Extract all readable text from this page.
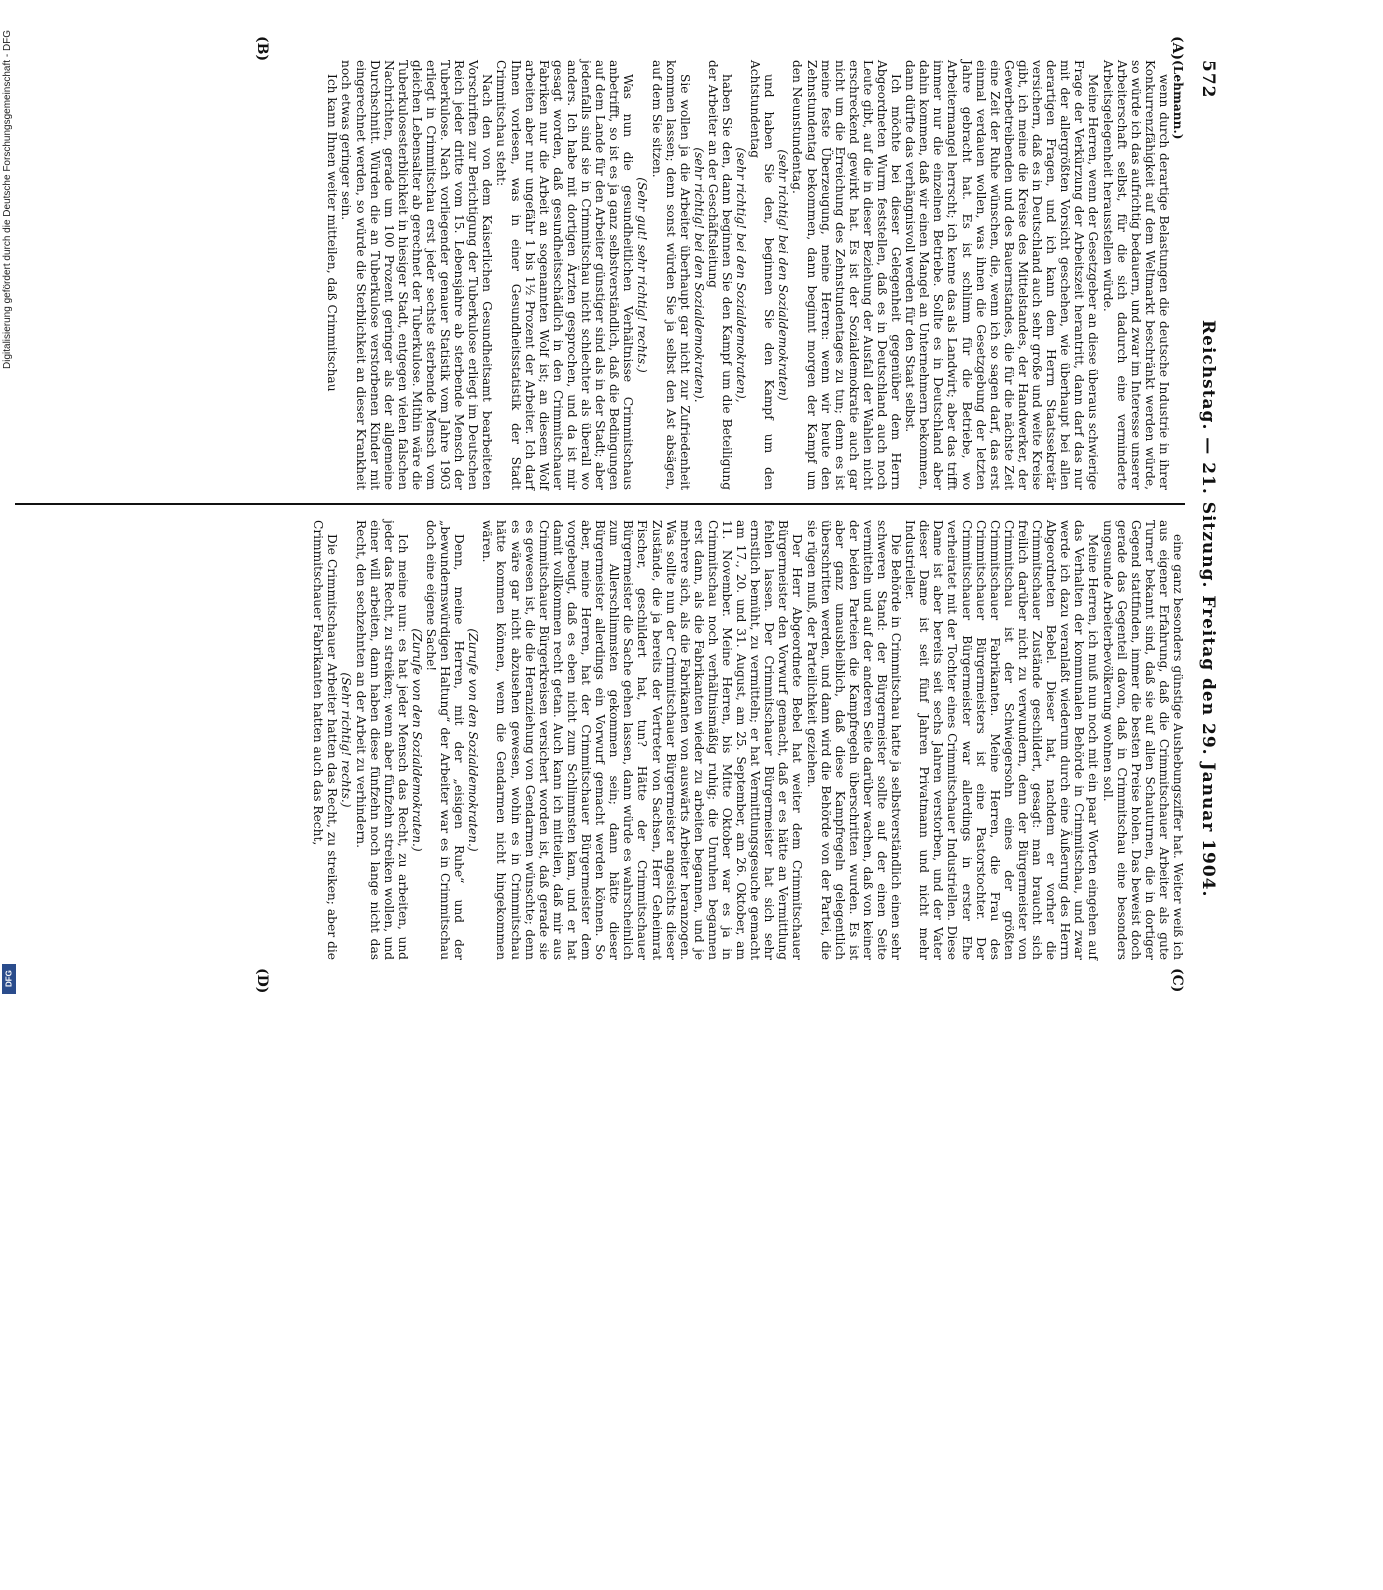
572
Reichstag. — 21. Sitzung. Freitag den 29. Januar 1904.
(A)
(B)
(C)
(D)

(Lehmann.)

wenn durch derartige Belastungen die deutsche Industrie in ihrer Konkurrenzfähigkeit auf dem Weltmarkt beschränkt werden würde, so würde ich das aufrichtig bedauern, und zwar im Interesse unserer Arbeiterschaft selbst, für die sich dadurch eine verminderte Arbeitsgelegenheit herausstellen würde.

Meine Herren, wenn der Gesetzgeber an diese überaus schwierige Frage der Verkürzung der Arbeitszeit herantritt, dann darf das nur mit der allergrößten Vorsicht geschehen, wie überhaupt bei allen derartigen Fragen, und ich kann dem Herrn Staatssekretär versichern, daß es in Deutschland auch sehr große und weite Kreise gibt, ich meine die Kreise des Mittelstandes, der Handwerker, der Gewerbetreibenden und des Bauernstandes, die für die nächste Zeit eine Zeit der Ruhe wünschen, die, wenn ich so sagen darf, das erst einmal verdauen wollen, was ihnen die Gesetzgebung der letzten Jahre gebracht hat. Es ist schlimm für die Betriebe, wo Arbeitermangel herrscht; ich kenne das als Landwirt; aber das trifft immer nur die einzelnen Betriebe. Sollte es in Deutschland aber dahin kommen, daß wir einen Mangel an Unternehmern bekommen, dann dürfte das verhängnisvoll werden für den Staat selbst.

Ich möchte bei dieser Gelegenheit gegenüber dem Herrn Abgeordneten Wurm feststellen, daß es in Deutschland auch noch Leute gibt, auf die in dieser Beziehung der Ausfall der Wahlen nicht erschreckend gewirkt hat. Es ist der Sozialdemokratie auch gar nicht um die Erreichung des Zehnstundentages zu tun; denn es ist meine feste Überzeugung, meine Herren: wenn wir heute den Zehnstundentag bekommen, dann beginnt morgen der Kampf um den Neunstundentag.

(sehr richtig! bei den Sozialdemokraten)

und haben Sie den, beginnen Sie den Kampf um den Achtstundentag

(sehr richtig! bei den Sozialdemokraten),

haben Sie den, dann beginnen Sie den Kampf um die Beteiligung der Arbeiter an der Geschäftsleitung

(sehr richtig! bei den Sozialdemokraten).

Sie wollen ja die Arbeiter überhaupt gar nicht zur Zufriedenheit kommen lassen; denn sonst würden Sie ja selbst den Ast absägen, auf dem Sie sitzen.

(Sehr gut! sehr richtig! rechts.)

Was nun die gesundheitlichen Verhältnisse Crimmitschaus anbetrifft, so ist es ja ganz selbstverständlich, daß die Bedingungen auf dem Lande für den Arbeiter günstiger sind als in der Stadt; aber jedenfalls sind sie in Crimmitschau nicht schlechter als überall wo anders. Ich habe mit dortigen Ärzten gesprochen, und da ist mir gesagt worden, daß gesundheitsschädlich in den Crimmitschauer Fabriken nur die Arbeit an sogenannten Wolf ist; an diesem Wolf arbeiten aber nur ungefähr 1 bis 1½ Prozent der Arbeiter. Ich darf Ihnen vorlesen, was in einer Gesundheitsstatistik der Stadt Crimmitschau steht:

Nach den von dem Kaiserlichen Gesundheitsamt bearbeiteten Vorschriften zur Berichtigung der Tuberkulose erliegt im Deutschen Reich jeder dritte vom 15. Lebensjahre ab sterbende Mensch der Tuberkulose. Nach vorliegender genauer Statistik vom Jahre 1903 erliegt in Crimmitschau erst jeder sechste sterbende Mensch vom gleichen Lebensalter ab gerechnet der Tuberkulose. Mithin wäre die Tuberkulosesterblichkeit in hiesiger Stadt, entgegen vielen falschen Nachrichten, gerade um 100 Prozent geringer als der allgemeine Durchschnitt. Würden die an Tuberkulose verstorbenen Kinder mit eingerechnet werden, so würde die Sterblichkeit an dieser Krankheit noch etwas geringer sein.

Ich kann Ihnen weiter mitteilen, daß Crimmitschau

eine ganz besonders günstige Aushebungsziffer hat. Weiter weiß ich aus eigener Erfahrung, daß die Crimmitschauer Arbeiter als gute Turner bekannt sind, daß sie auf allen Schauturnen, die in dortiger Gegend stattfinden, immer die besten Preise holen. Das beweist doch gerade das Gegenteil davon, daß in Crimmitschau eine besonders ungesunde Arbeiterbevölkerung wohnen soll.

Meine Herren, ich muß nun noch mit ein paar Worten eingehen auf das Verhalten der kommunalen Behörde in Crimmitschau, und zwar werde ich dazu veranlaßt wiederum durch eine Äußerung des Herrn Abgeordneten Bebel. Dieser hat, nachdem er vorher die Crimmitschauer Zustände geschildert, gesagt: man braucht sich freilich darüber nicht zu verwundern, denn der Bürgermeister von Crimmitschau ist der Schwiegersohn eines der größten Crimmitschauer Fabrikanten. Meine Herren, die Frau des Crimmitschauer Bürgermeisters ist eine Pastorstochter. Der Crimmitschauer Bürgermeister war allerdings in erster Ehe verheiratet mit der Tochter eines Crimmitschauer Industriellen. Diese Dame ist aber bereits seit sechs Jahren verstorben, und der Vater dieser Dame ist seit fünf Jahren Privatmann und nicht mehr Industrieller.

Die Behörde in Crimmitschau hatte ja selbstverständlich einen sehr schweren Stand: der Bürgermeister sollte auf der einen Seite vermitteln und auf der anderen Seite darüber wachen, daß von keiner der beiden Parteien die Kampfregeln überschritten wurden. Es ist aber ganz unausbleiblich, daß diese Kampfregeln gelegentlich überschritten werden, und dann wird die Behörde von der Partei, die sie rügen muß, der Parteilichkeit geziehen.

Der Herr Abgeordnete Bebel hat weiter dem Crimmitschauer Bürgermeister den Vorwurf gemacht, daß er es hätte an Vermittlung fehlen lassen. Der Crimmitschauer Bürgermeister hat sich sehr ernstlich bemüht, zu vermitteln; er hat Vermittlungsgesuche gemacht am 17., 20. und 31. August, am 25. September, am 26. Oktober, am 11. November. Meine Herren, bis Mitte Oktober war es ja in Crimmitschau noch verhältnismäßig ruhig; die Unruhen begannen erst dann, als die Fabrikanten wieder zu arbeiten begannen, und je mehrere sich, als die Fabrikanten von auswärts Arbeiter heranzogen. Was sollte nun der Crimmitschauer Bürgermeister angesichts dieser Zustände, die ja bereits der Vertreter von Sachsen, Herr Geheimrat Fischer, geschildert hat, tun? Hätte der Crimmitschauer Bürgermeister die Sache gehen lassen, dann würde es wahrscheinlich zum Allerschlimmsten gekommen sein; dann hätte dieser Bürgermeister allerdings ein Vorwurf gemacht werden können. So aber, meine Herren, hat der Crimmitschauer Bürgermeister dem vorgebeugt, daß es eben nicht zum Schlimmsten kam, und er hat damit vollkommen recht getan. Auch kann ich mitteilen, daß mir aus Crimmitschauer Bürgerkreisen versichert worden ist, daß gerade sie es gewesen ist, die die Heranziehung von Gendarmen wünschte; denn es wäre gar nicht abzusehen gewesen, wohin es in Crimmitschau hätte kommen können, wenn die Gendarmen nicht hingekommen wären.

(Zurufe von den Sozialdemokraten.)

Denn, meine Herren, mit der „eisigen Ruhe“ und der „bewundernswürdigen Haltung“ der Arbeiter war es in Crimmitschau doch eine eigene Sache!

(Zurufe von den Sozialdemokraten.)

Ich meine nun: es hat jeder Mensch das Recht, zu arbeiten, und jeder das Recht, zu streiken; wenn aber fünfzehn streiken wollen, und einer will arbeiten, dann haben diese fünfzehn noch lange nicht das Recht, den sechzehnten an der Arbeit zu verhindern.

(Sehr richtig! rechts.)

Die Crimmitschauer Arbeiter hatten das Recht, zu streiken; aber die Crimmitschauer Fabrikanten hatten auch das Recht,

Digitalisierung gefördert durch die Deutsche Forschungsgemeinschaft - DFG
DFG
